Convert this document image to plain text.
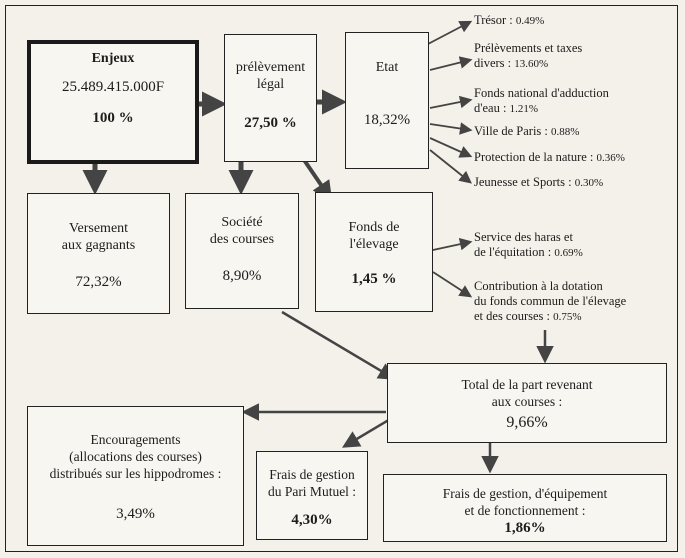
Enjeux
25.489.415.000F
100 %
prélèvement
légal
27,50 %
Etat
18,32%
Versement
aux gagnants
72,32%
Société
des courses
8,90%
Fonds de
l'élevage
1,45 %
Trésor : 0.49%
Prélèvements et taxes
divers : 13.60%
Fonds national d'adduction
d'eau : 1.21%
Ville de Paris : 0.88%
Protection de la nature : 0.36%
Jeunesse et Sports : 0.30%
Service des haras et
de l'équitation : 0.69%
Contribution à la dotation
du fonds commun de l'élevage
et des courses : 0.75%
Total de la part revenant
aux courses :
9,66%
Encouragements
(allocations des courses)
distribués sur les hippodromes :
3,49%
Frais de gestion
du Pari Mutuel :
4,30%
Frais de gestion, d'équipement
et de fonctionnement :
1,86%
